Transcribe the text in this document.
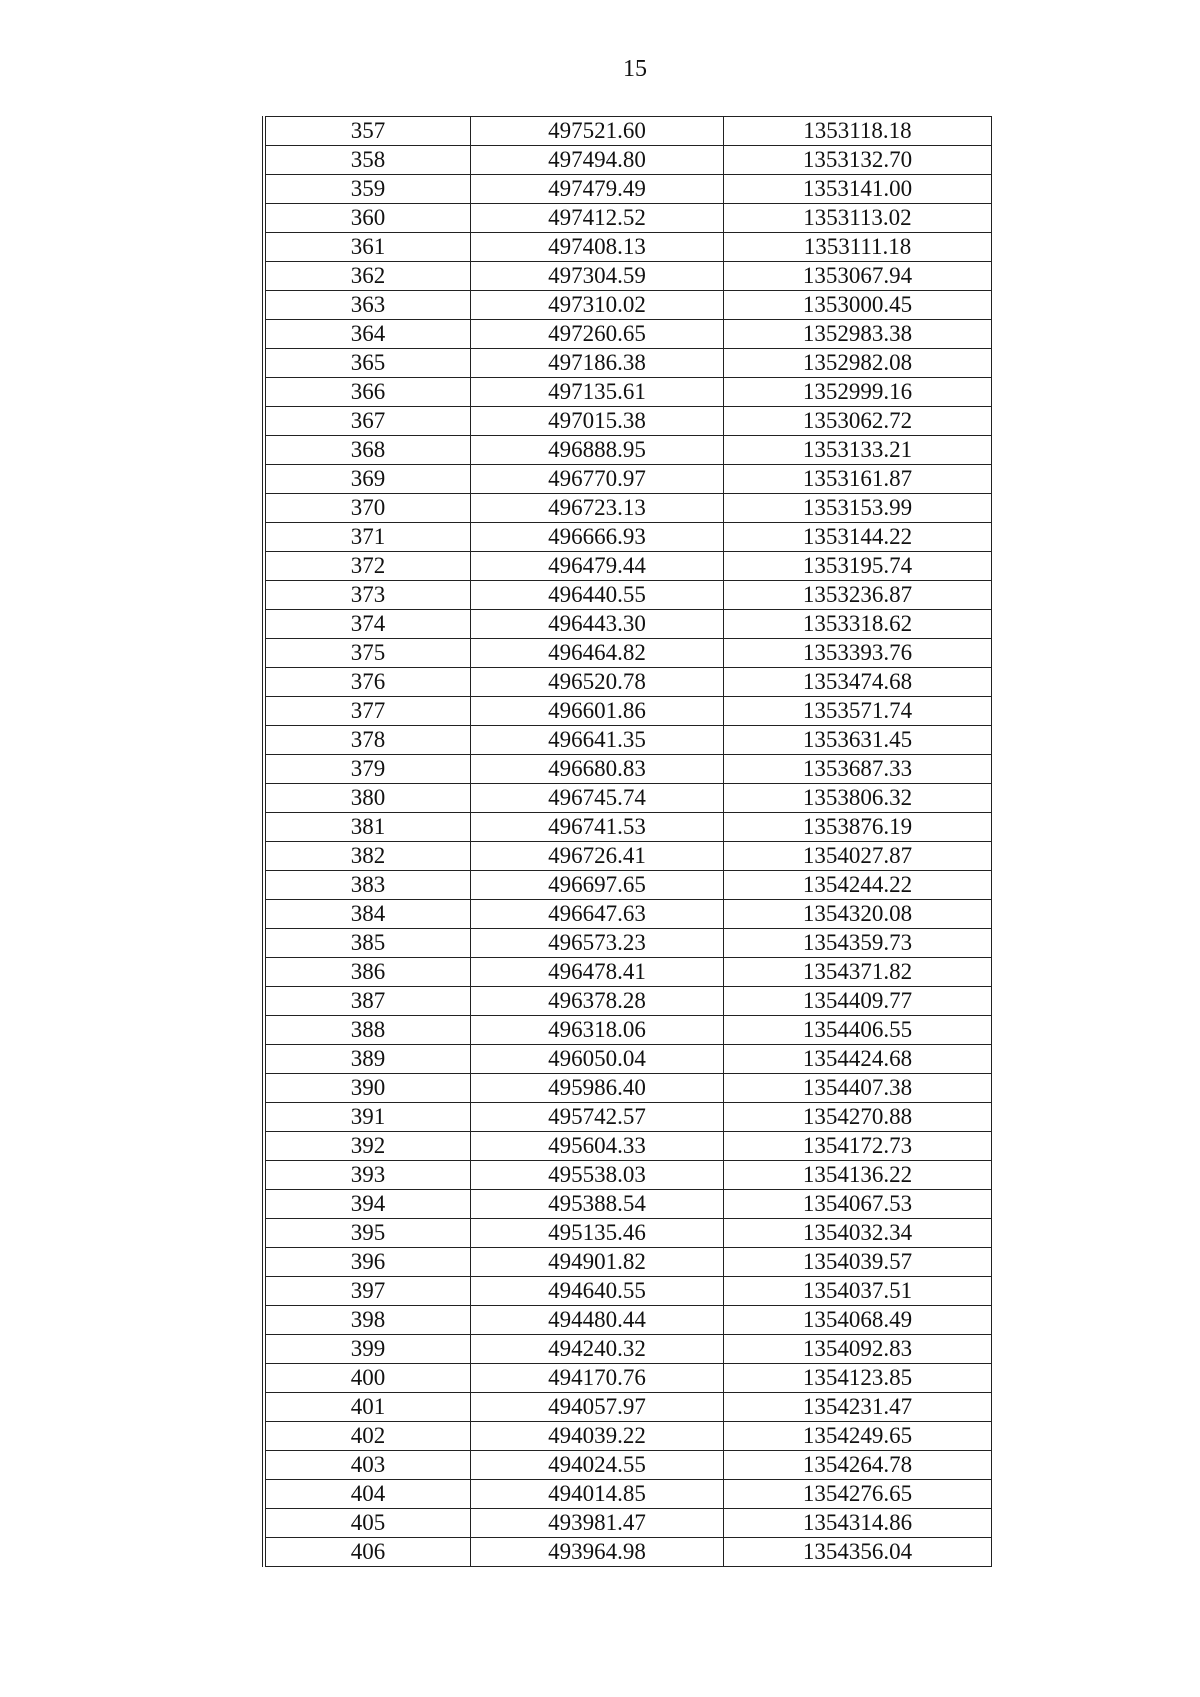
15
357	497521.60	1353118.18
358	497494.80	1353132.70
359	497479.49	1353141.00
360	497412.52	1353113.02
361	497408.13	1353111.18
362	497304.59	1353067.94
363	497310.02	1353000.45
364	497260.65	1352983.38
365	497186.38	1352982.08
366	497135.61	1352999.16
367	497015.38	1353062.72
368	496888.95	1353133.21
369	496770.97	1353161.87
370	496723.13	1353153.99
371	496666.93	1353144.22
372	496479.44	1353195.74
373	496440.55	1353236.87
374	496443.30	1353318.62
375	496464.82	1353393.76
376	496520.78	1353474.68
377	496601.86	1353571.74
378	496641.35	1353631.45
379	496680.83	1353687.33
380	496745.74	1353806.32
381	496741.53	1353876.19
382	496726.41	1354027.87
383	496697.65	1354244.22
384	496647.63	1354320.08
385	496573.23	1354359.73
386	496478.41	1354371.82
387	496378.28	1354409.77
388	496318.06	1354406.55
389	496050.04	1354424.68
390	495986.40	1354407.38
391	495742.57	1354270.88
392	495604.33	1354172.73
393	495538.03	1354136.22
394	495388.54	1354067.53
395	495135.46	1354032.34
396	494901.82	1354039.57
397	494640.55	1354037.51
398	494480.44	1354068.49
399	494240.32	1354092.83
400	494170.76	1354123.85
401	494057.97	1354231.47
402	494039.22	1354249.65
403	494024.55	1354264.78
404	494014.85	1354276.65
405	493981.47	1354314.86
406	493964.98	1354356.04
